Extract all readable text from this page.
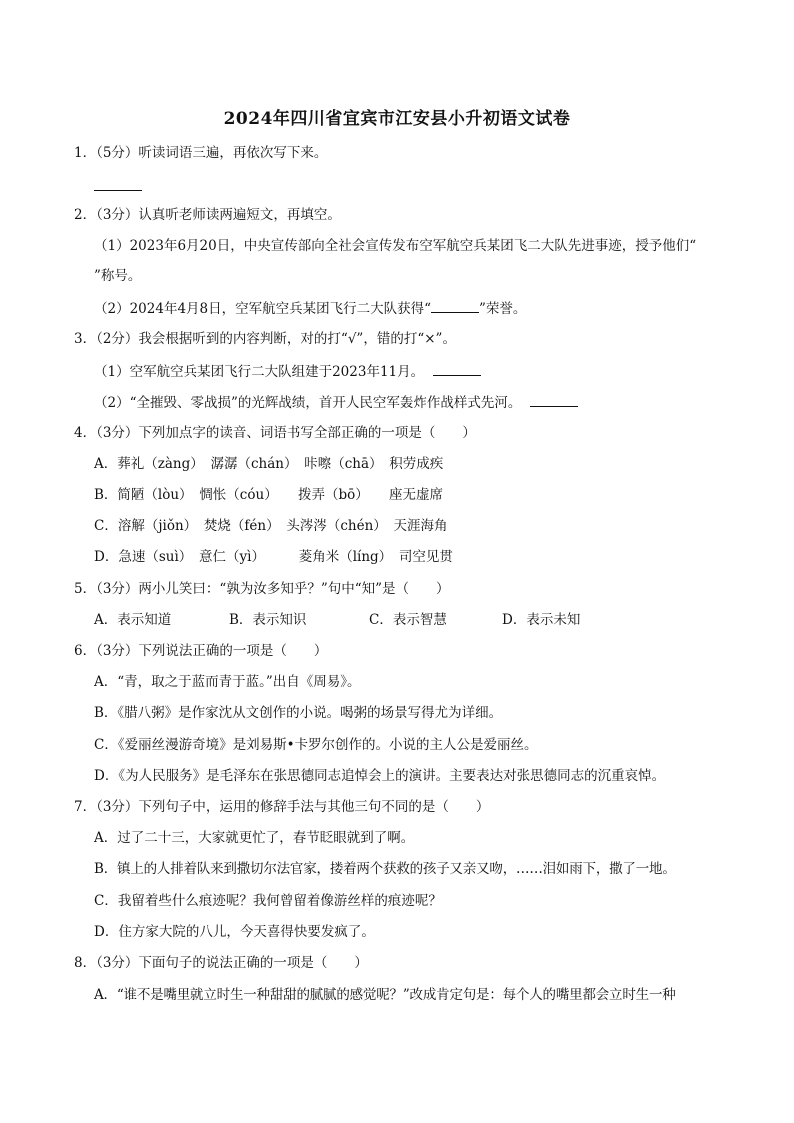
2024年四川省宜宾市江安县小升初语文试卷
1．（5分）听读词语三遍，再依次写下来。
2．（3分）认真听老师读两遍短文，再填空。
（1）2023年6月20日，中央宣传部向全社会宣传发布空军航空兵某团飞二大队先进事迹，授予他们“
”称号。
（2）2024年4月8日，空军航空兵某团飞行二大队获得“	”荣誉。
3．（2分）我会根据听到的内容判断，对的打“√”，错的打“×”。
（1）空军航空兵某团飞行二大队组建于2023年11月。
（2）“全摧毁、零战损”的光辉战绩，首开人民空军轰炸作战样式先河。
4．（3分）下列加点字的读音、词语书写全部正确的一项是（　　）
A．葬礼（zàng）　潺潺（chán）　咔嚓（chā）　积劳成疾
B．简陋（lòu）　惆怅（cóu）　　拨弄（bō）　　座无虚席
C．溶解（jiǒn）　焚烧（fén）　头涔涔（chén）　天涯海角
D．急速（suì）　意仁（yì）　　　菱角米（líng）　司空见贯
5．（3分）两小儿笑曰：“孰为汝多知乎？”句中“知”是（　　）
A．表示知道	B．表示知识	C．表示智慧	D．表示未知
6．（3分）下列说法正确的一项是（　　）
A．“青，取之于蓝而青于蓝。”出自《周易》。
B．《腊八粥》是作家沈从文创作的小说。喝粥的场景写得尤为详细。
C．《爱丽丝漫游奇境》是刘易斯•卡罗尔创作的。小说的主人公是爱丽丝。
D．《为人民服务》是毛泽东在张思德同志追悼会上的演讲。主要表达对张思德同志的沉重哀悼。
7．（3分）下列句子中，运用的修辞手法与其他三句不同的是（　　）
A．过了二十三，大家就更忙了，春节眨眼就到了啊。
B．镇上的人排着队来到撒切尔法官家，搂着两个获救的孩子又亲又吻，……泪如雨下，撒了一地。
C．我留着些什么痕迹呢？我何曾留着像游丝样的痕迹呢？
D．住方家大院的八儿，今天喜得快要发疯了。
8．（3分）下面句子的说法正确的一项是（　　）
A．“谁不是嘴里就立时生一种甜甜的腻腻的感觉呢？”改成肯定句是：每个人的嘴里都会立时生一种
